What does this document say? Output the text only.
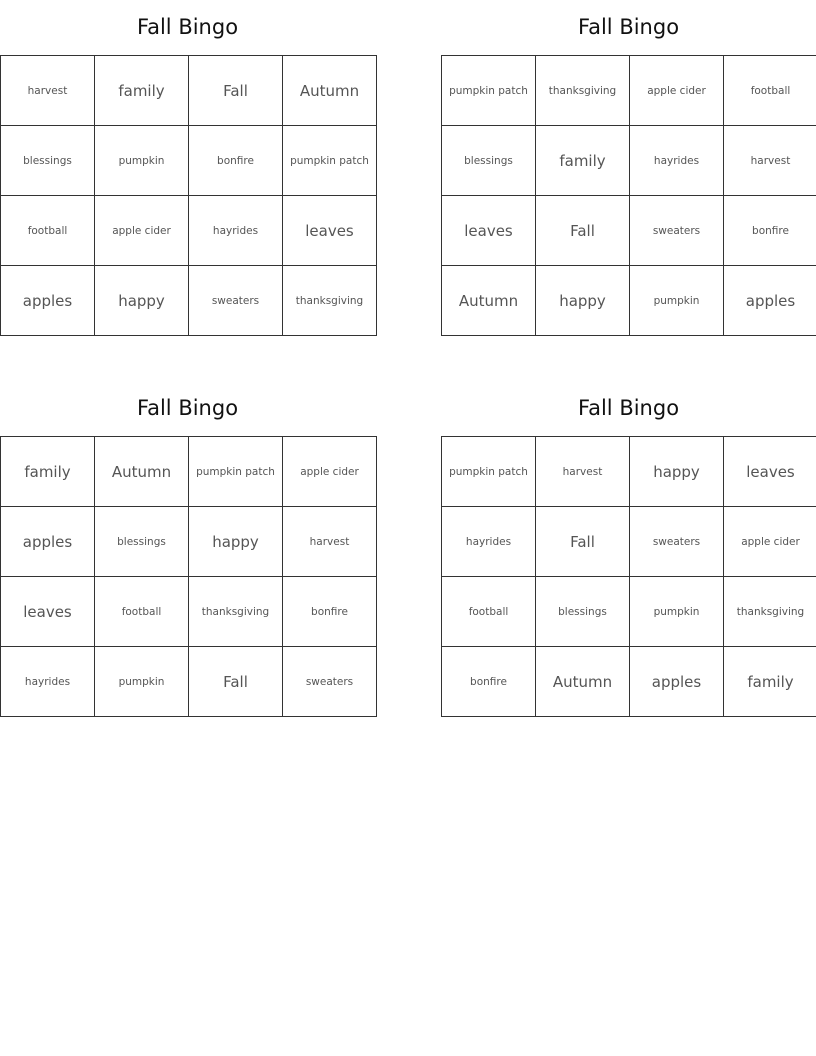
Fall Bingo
harvest	family	Fall	Autumn
blessings	pumpkin	bonfire	pumpkin patch
football	apple cider	hayrides	leaves
apples	happy	sweaters	thanksgiving
Fall Bingo
pumpkin patch	thanksgiving	apple cider	football
blessings	family	hayrides	harvest
leaves	Fall	sweaters	bonfire
Autumn	happy	pumpkin	apples
Fall Bingo
family	Autumn	pumpkin patch	apple cider
apples	blessings	happy	harvest
leaves	football	thanksgiving	bonfire
hayrides	pumpkin	Fall	sweaters
Fall Bingo
pumpkin patch	harvest	happy	leaves
hayrides	Fall	sweaters	apple cider
football	blessings	pumpkin	thanksgiving
bonfire	Autumn	apples	family
